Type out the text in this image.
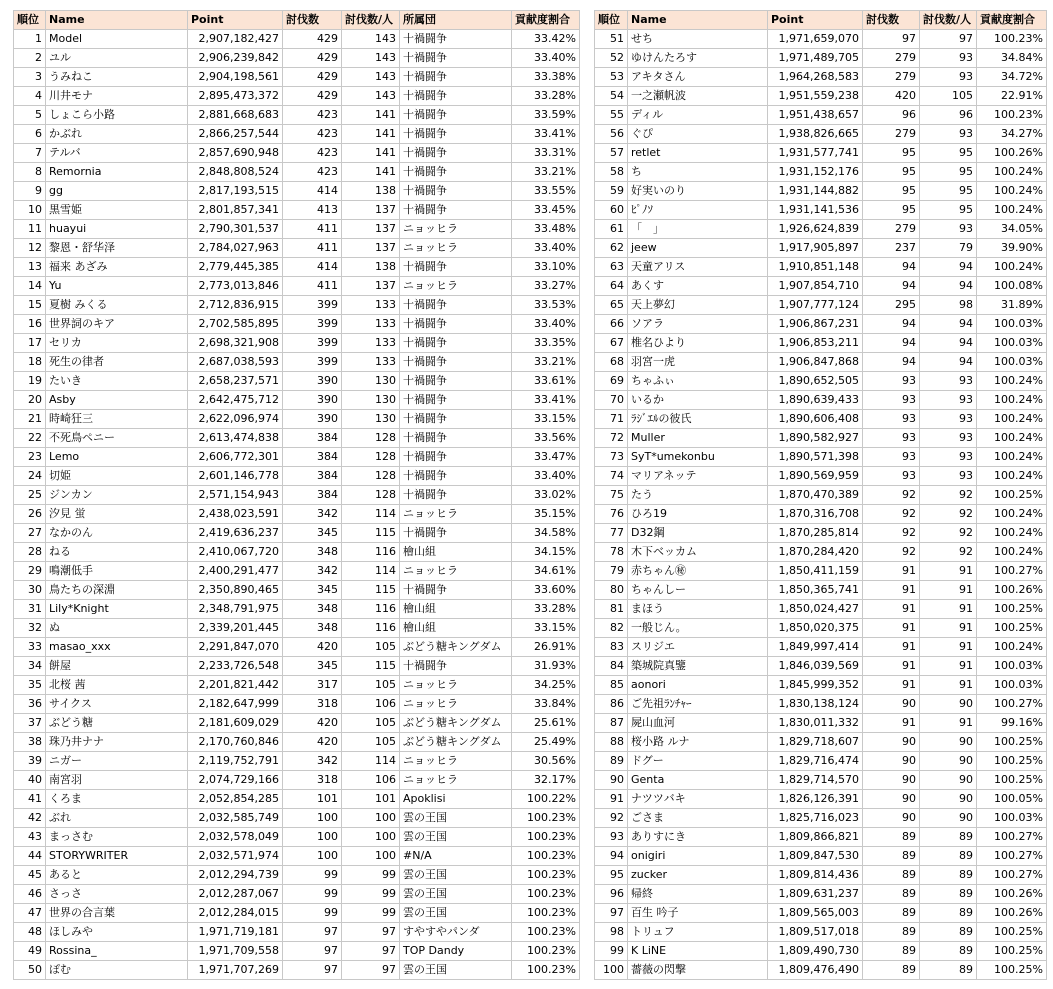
順位	Name	Point	討伐数	討伐数/人	所属団	貢献度割合
1	Model	2,907,182,427	429	143	十禍闘争	33.42%
2	ユル	2,906,239,842	429	143	十禍闘争	33.40%
3	うみねこ	2,904,198,561	429	143	十禍闘争	33.38%
4	川井モナ	2,895,473,372	429	143	十禍闘争	33.28%
5	しょこら小路	2,881,668,683	423	141	十禍闘争	33.59%
6	かぶれ	2,866,257,544	423	141	十禍闘争	33.41%
7	テルバ	2,857,690,948	423	141	十禍闘争	33.31%
8	Remornia	2,848,808,524	423	141	十禍闘争	33.21%
9	gg	2,817,193,515	414	138	十禍闘争	33.55%
10	黒雪姫	2,801,857,341	413	137	十禍闘争	33.45%
11	huayui	2,790,301,537	411	137	ニョッヒラ	33.48%
12	黎恩・舒华泽	2,784,027,963	411	137	ニョッヒラ	33.40%
13	福来 あざみ	2,779,445,385	414	138	十禍闘争	33.10%
14	Yu	2,773,013,846	411	137	ニョッヒラ	33.27%
15	夏樹 みくる	2,712,836,915	399	133	十禍闘争	33.53%
16	世界詞のキア	2,702,585,895	399	133	十禍闘争	33.40%
17	セリカ	2,698,321,908	399	133	十禍闘争	33.35%
18	死生の律者	2,687,038,593	399	133	十禍闘争	33.21%
19	たいき	2,658,237,571	390	130	十禍闘争	33.61%
20	Asby	2,642,475,712	390	130	十禍闘争	33.41%
21	時崎狂三	2,622,096,974	390	130	十禍闘争	33.15%
22	不死鳥ペニー	2,613,474,838	384	128	十禍闘争	33.56%
23	Lemo	2,606,772,301	384	128	十禍闘争	33.47%
24	切姫	2,601,146,778	384	128	十禍闘争	33.40%
25	ジンカン	2,571,154,943	384	128	十禍闘争	33.02%
26	汐見 蛍	2,438,023,591	342	114	ニョッヒラ	35.15%
27	なかのん	2,419,636,237	345	115	十禍闘争	34.58%
28	ねる	2,410,067,720	348	116	檜山組	34.15%
29	鳴潮低手	2,400,291,477	342	114	ニョッヒラ	34.61%
30	鳥たちの深淵	2,350,890,465	345	115	十禍闘争	33.60%
31	Lily*Knight	2,348,791,975	348	116	檜山組	33.28%
32	ぬ	2,339,201,445	348	116	檜山組	33.15%
33	masao_xxx	2,291,847,070	420	105	ぶどう糖キングダム	26.91%
34	餅屋	2,233,726,548	345	115	十禍闘争	31.93%
35	北桜 茜	2,201,821,442	317	105	ニョッヒラ	34.25%
36	サイクス	2,182,647,999	318	106	ニョッヒラ	33.84%
37	ぶどう糖	2,181,609,029	420	105	ぶどう糖キングダム	25.61%
38	珠乃井ナナ	2,170,760,846	420	105	ぶどう糖キングダム	25.49%
39	ニガー	2,119,752,791	342	114	ニョッヒラ	30.56%
40	南宮羽	2,074,729,166	318	106	ニョッヒラ	32.17%
41	くろま	2,052,854,285	101	101	Apoklisi	100.22%
42	ぶれ	2,032,585,749	100	100	雲の王国	100.23%
43	まっさむ	2,032,578,049	100	100	雲の王国	100.23%
44	STORYWRITER	2,032,571,974	100	100	#N/A	100.23%
45	あると	2,012,294,739	99	99	雲の王国	100.23%
46	さっさ	2,012,287,067	99	99	雲の王国	100.23%
47	世界の合言葉	2,012,284,015	99	99	雲の王国	100.23%
48	ほしみや	1,971,719,181	97	97	すやすやパンダ	100.23%
49	Rossina_	1,971,709,558	97	97	TOP Dandy	100.23%
50	ぽむ	1,971,707,269	97	97	雲の王国	100.23%
順位	Name	Point	討伐数	討伐数/人	貢献度割合
51	せち	1,971,659,070	97	97	100.23%
52	ゆけんたろす	1,971,489,705	279	93	34.84%
53	アキタさん	1,964,268,583	279	93	34.72%
54	一之瀬帆波	1,951,559,238	420	105	22.91%
55	ディル	1,951,438,657	96	96	100.23%
56	ぐぴ	1,938,826,665	279	93	34.27%
57	retlet	1,931,577,741	95	95	100.26%
58	ち	1,931,152,176	95	95	100.24%
59	好実いのり	1,931,144,882	95	95	100.24%
60	ﾋﾟﾉｿ	1,931,141,536	95	95	100.24%
61	「　」	1,926,624,839	279	93	34.05%
62	jeew	1,917,905,897	237	79	39.90%
63	天童アリス	1,910,851,148	94	94	100.24%
64	あくす	1,907,854,710	94	94	100.08%
65	天上夢幻	1,907,777,124	295	98	31.89%
66	ソアラ	1,906,867,231	94	94	100.03%
67	椎名ひより	1,906,853,211	94	94	100.03%
68	羽宮一虎	1,906,847,868	94	94	100.03%
69	ちゃふぃ	1,890,652,505	93	93	100.24%
70	いるか	1,890,639,433	93	93	100.24%
71	ﾗｼﾞｴﾙの彼氏	1,890,606,408	93	93	100.24%
72	Muller	1,890,582,927	93	93	100.24%
73	SyT*umekonbu	1,890,571,398	93	93	100.24%
74	マリアネッテ	1,890,569,959	93	93	100.24%
75	たう	1,870,470,389	92	92	100.25%
76	ひろ19	1,870,316,708	92	92	100.24%
77	D32鋼	1,870,285,814	92	92	100.24%
78	木下ベッカム	1,870,284,420	92	92	100.24%
79	赤ちゃん㊙	1,850,411,159	91	91	100.27%
80	ちゃんしー	1,850,365,741	91	91	100.26%
81	まほう	1,850,024,427	91	91	100.25%
82	一般じん。	1,850,020,375	91	91	100.25%
83	スリジエ	1,849,997,414	91	91	100.24%
84	築城院真鑒	1,846,039,569	91	91	100.03%
85	aonori	1,845,999,352	91	91	100.03%
86	ご先祖ﾗﾝﾁｬｰ	1,830,138,124	90	90	100.27%
87	屍山血河	1,830,011,332	91	91	99.16%
88	桜小路 ルナ	1,829,718,607	90	90	100.25%
89	ドグー	1,829,716,474	90	90	100.25%
90	Genta	1,829,714,570	90	90	100.25%
91	ナツツバキ	1,826,126,391	90	90	100.05%
92	ごさま	1,825,716,023	90	90	100.03%
93	ありすにき	1,809,866,821	89	89	100.27%
94	onigiri	1,809,847,530	89	89	100.27%
95	zucker	1,809,814,436	89	89	100.27%
96	帰終	1,809,631,237	89	89	100.26%
97	百生 吟子	1,809,565,003	89	89	100.26%
98	トリュフ	1,809,517,018	89	89	100.25%
99	K LiNE	1,809,490,730	89	89	100.25%
100	薔薇の閃撃	1,809,476,490	89	89	100.25%
